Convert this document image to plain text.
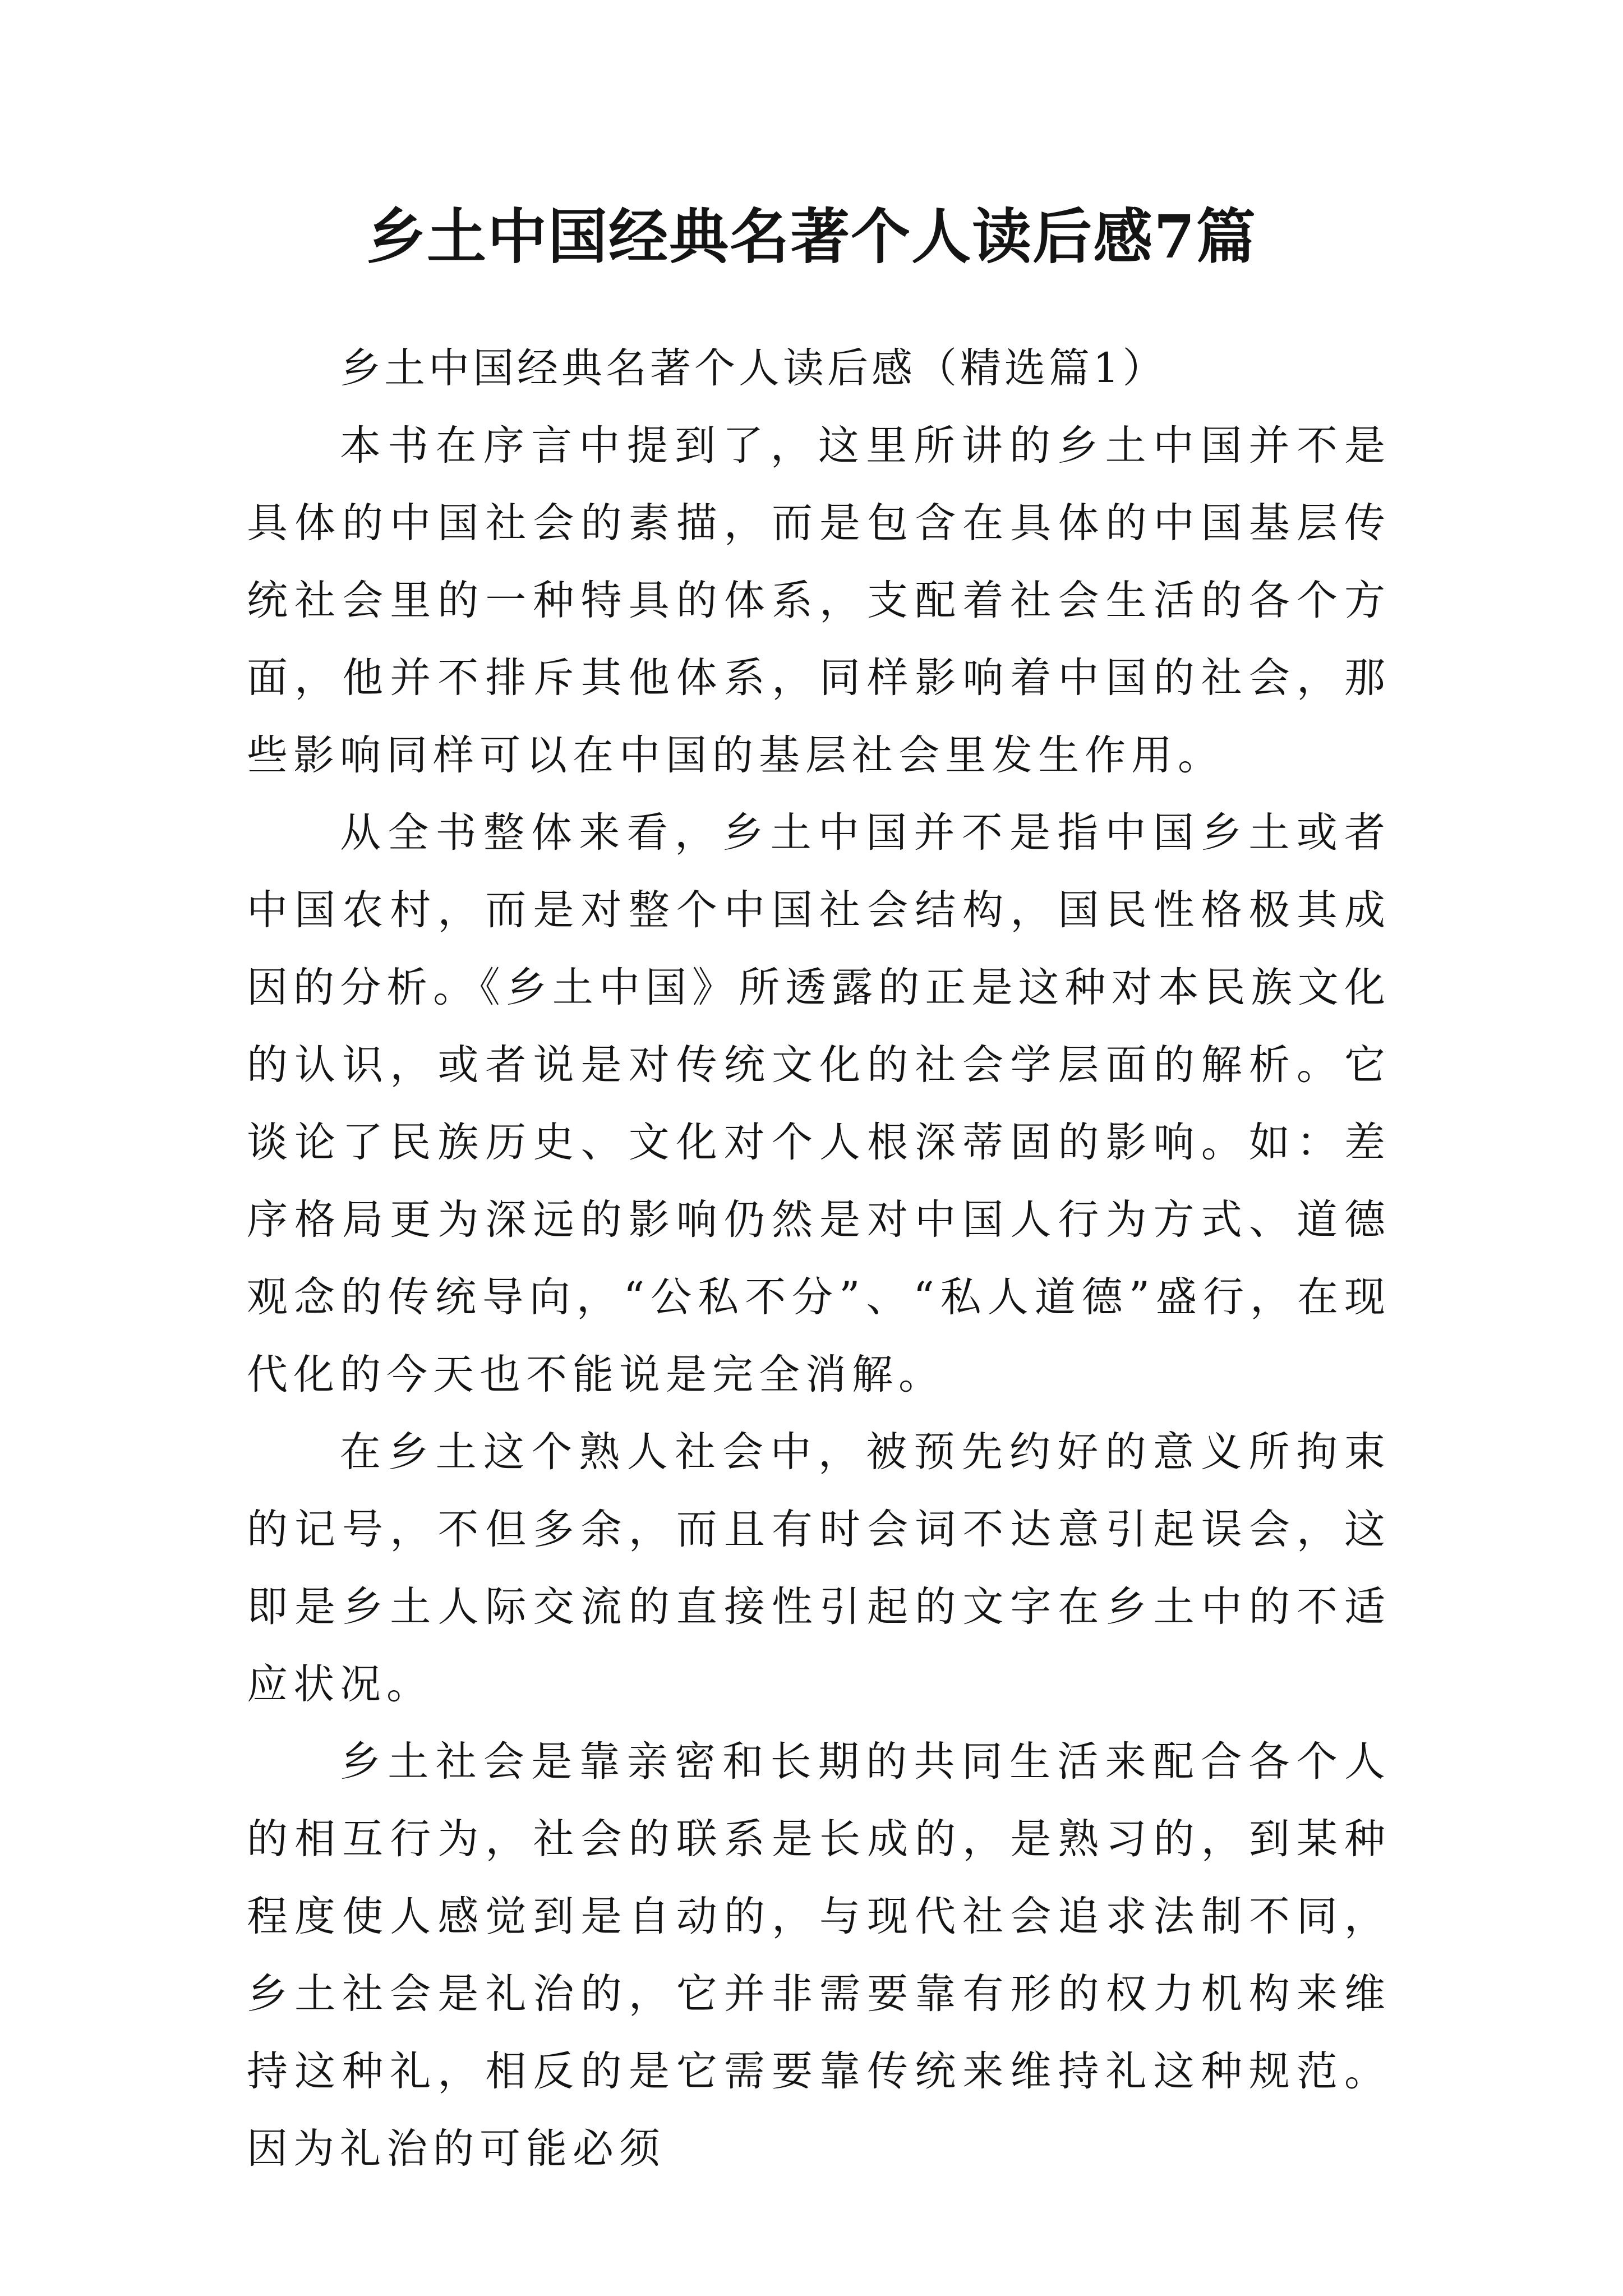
乡土中国经典名著个人读后感7篇

乡土中国经典名著个人读后感（精选篇1）

本书在序言中提到了，这里所讲的乡土中国并不是具体的中国社会的素描，而是包含在具体的中国基层传统社会里的一种特具的体系，支配着社会生活的各个方面，他并不排斥其他体系，同样影响着中国的社会，那些影响同样可以在中国的基层社会里发生作用。

从全书整体来看，乡土中国并不是指中国乡土或者中国农村，而是对整个中国社会结构，国民性格极其成因的分析。《乡土中国》所透露的正是这种对本民族文化的认识，或者说是对传统文化的社会学层面的解析。它谈论了民族历史、文化对个人根深蒂固的影响。如：差序格局更为深远的影响仍然是对中国人行为方式、道德观念的传统导向，“公私不分”、“私人道德”盛行，在现代化的今天也不能说是完全消解。

在乡土这个熟人社会中，被预先约好的意义所拘束的记号，不但多余，而且有时会词不达意引起误会，这即是乡土人际交流的直接性引起的文字在乡土中的不适应状况。

乡土社会是靠亲密和长期的共同生活来配合各个人的相互行为，社会的联系是长成的，是熟习的，到某种程度使人感觉到是自动的，与现代社会追求法制不同，乡土社会是礼治的，它并非需要靠有形的权力机构来维持这种礼，相反的是它需要靠传统来维持礼这种规范。因为礼治的可能必须
